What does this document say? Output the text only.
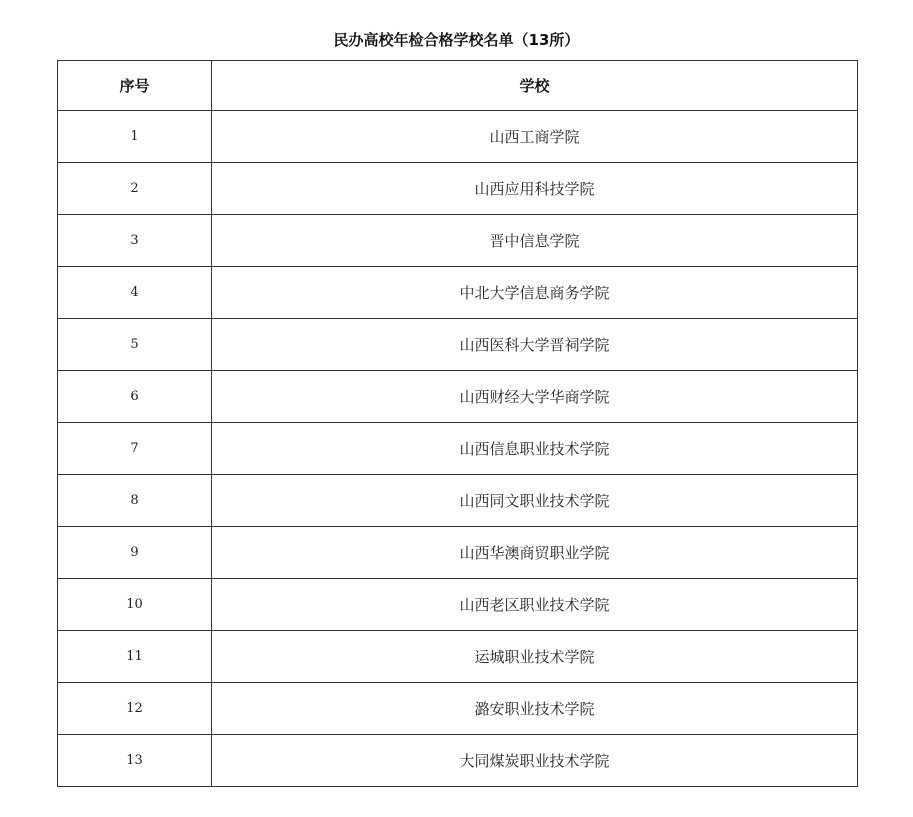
民办高校年检合格学校名单（13所）
序号	学校
1	山西工商学院
2	山西应用科技学院
3	晋中信息学院
4	中北大学信息商务学院
5	山西医科大学晋祠学院
6	山西财经大学华商学院
7	山西信息职业技术学院
8	山西同文职业技术学院
9	山西华澳商贸职业学院
10	山西老区职业技术学院
11	运城职业技术学院
12	潞安职业技术学院
13	大同煤炭职业技术学院
